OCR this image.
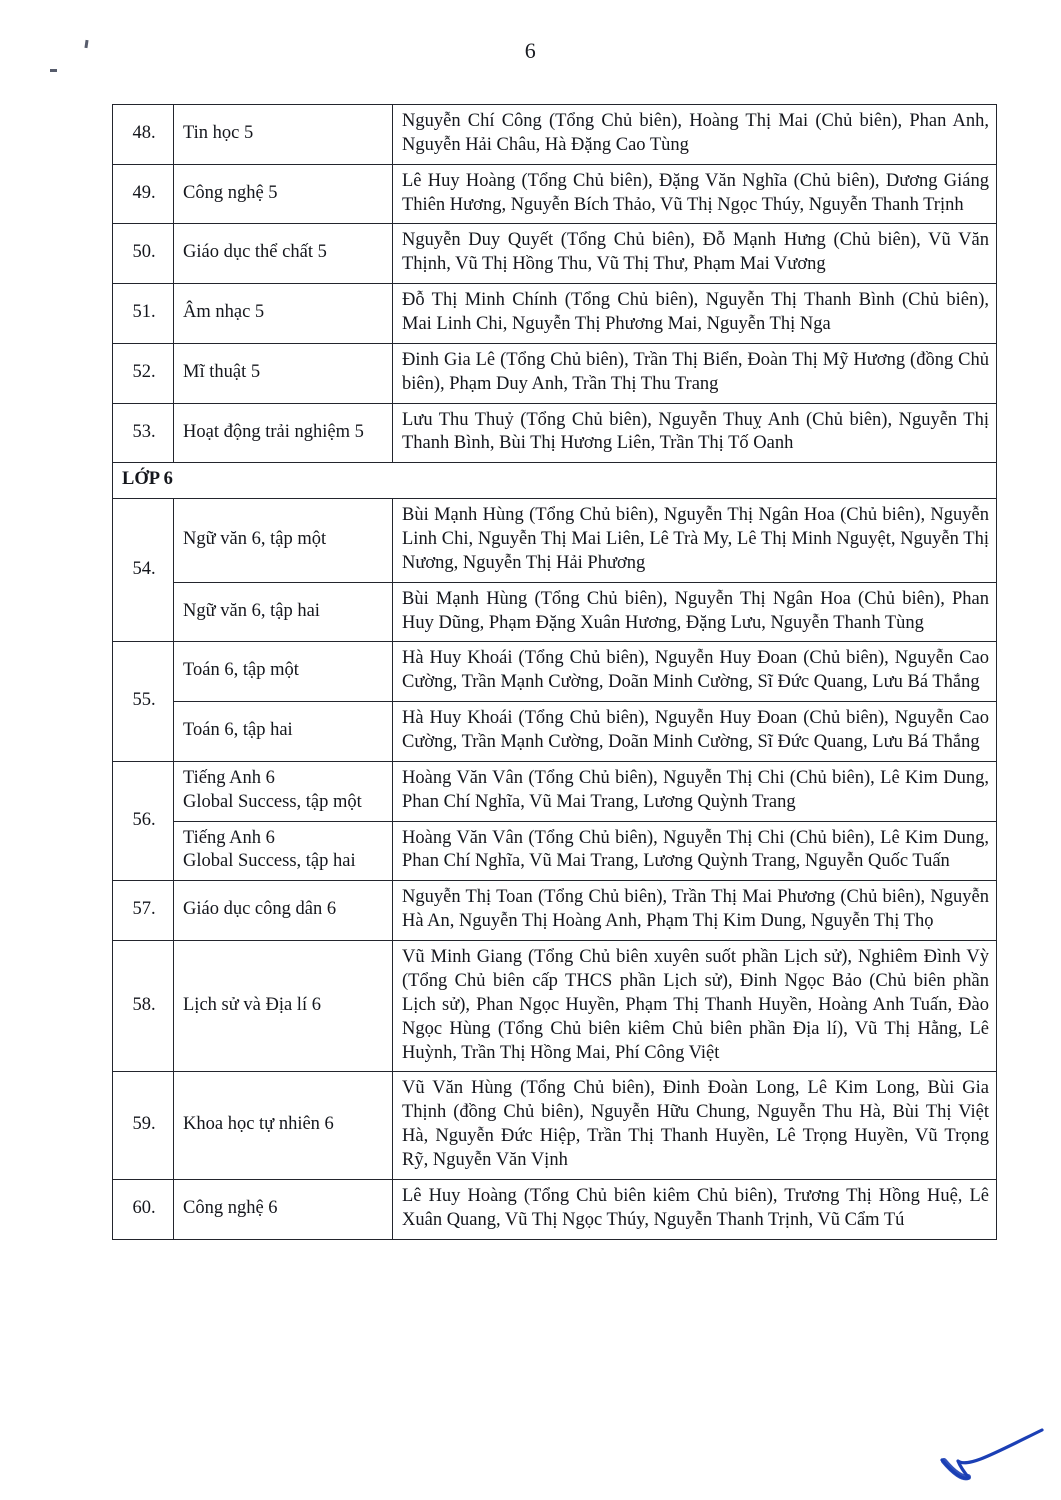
6
48.	Tin học 5	Nguyễn Chí Công (Tổng Chủ biên), Hoàng Thị Mai (Chủ biên), Phan Anh, Nguyễn Hải Châu, Hà Đặng Cao Tùng
49.	Công nghệ 5	Lê Huy Hoàng (Tổng Chủ biên), Đặng Văn Nghĩa (Chủ biên), Dương Giáng Thiên Hương, Nguyễn Bích Thảo, Vũ Thị Ngọc Thúy, Nguyễn Thanh Trịnh
50.	Giáo dục thể chất 5	Nguyễn Duy Quyết (Tổng Chủ biên), Đỗ Mạnh Hưng (Chủ biên), Vũ Văn Thịnh, Vũ Thị Hồng Thu, Vũ Thị Thư, Phạm Mai Vương
51.	Âm nhạc 5	Đỗ Thị Minh Chính (Tổng Chủ biên), Nguyễn Thị Thanh Bình (Chủ biên), Mai Linh Chi, Nguyễn Thị Phương Mai, Nguyễn Thị Nga
52.	Mĩ thuật 5	Đinh Gia Lê (Tổng Chủ biên), Trần Thị Biển, Đoàn Thị Mỹ Hương (đồng Chủ biên), Phạm Duy Anh, Trần Thị Thu Trang
53.	Hoạt động trải nghiệm 5	Lưu Thu Thuỷ (Tổng Chủ biên), Nguyễn Thuỵ Anh (Chủ biên), Nguyễn Thị Thanh Bình, Bùi Thị Hương Liên, Trần Thị Tố Oanh
LỚP 6		
54.	Ngữ văn 6, tập một	Bùi Mạnh Hùng (Tổng Chủ biên), Nguyễn Thị Ngân Hoa (Chủ biên), Nguyễn Linh Chi, Nguyễn Thị Mai Liên, Lê Trà My, Lê Thị Minh Nguyệt, Nguyễn Thị Nương, Nguyễn Thị Hải Phương

	Ngữ văn 6, tập hai	Bùi Mạnh Hùng (Tổng Chủ biên), Nguyễn Thị Ngân Hoa (Chủ biên), Phan Huy Dũng, Phạm Đặng Xuân Hương, Đặng Lưu, Nguyễn Thanh Tùng
55.	Toán 6, tập một	Hà Huy Khoái (Tổng Chủ biên), Nguyễn Huy Đoan (Chủ biên), Nguyễn Cao Cường, Trần Mạnh Cường, Doãn Minh Cường, Sĩ Đức Quang, Lưu Bá Thắng

	Toán 6, tập hai	Hà Huy Khoái (Tổng Chủ biên), Nguyễn Huy Đoan (Chủ biên), Nguyễn Cao Cường, Trần Mạnh Cường, Doãn Minh Cường, Sĩ Đức Quang, Lưu Bá Thắng
56.	Tiếng Anh 6
Global Success, tập một	Hoàng Văn Vân (Tổng Chủ biên), Nguyễn Thị Chi (Chủ biên), Lê Kim Dung, Phan Chí Nghĩa, Vũ Mai Trang, Lương Quỳnh Trang

	Tiếng Anh 6
Global Success, tập hai	Hoàng Văn Vân (Tổng Chủ biên), Nguyễn Thị Chi (Chủ biên), Lê Kim Dung, Phan Chí Nghĩa, Vũ Mai Trang, Lương Quỳnh Trang, Nguyễn Quốc Tuấn
57.	Giáo dục công dân 6	Nguyễn Thị Toan (Tổng Chủ biên), Trần Thị Mai Phương (Chủ biên), Nguyễn Hà An, Nguyễn Thị Hoàng Anh, Phạm Thị Kim Dung, Nguyễn Thị Thọ
58.	Lịch sử và Địa lí 6	Vũ Minh Giang (Tổng Chủ biên xuyên suốt phần Lịch sử), Nghiêm Đình Vỳ (Tổng Chủ biên cấp THCS phần Lịch sử), Đinh Ngọc Bảo (Chủ biên phần Lịch sử), Phan Ngọc Huyền, Phạm Thị Thanh Huyền, Hoàng Anh Tuấn, Đào Ngọc Hùng (Tổng Chủ biên kiêm Chủ biên phần Địa lí), Vũ Thị Hằng, Lê Huỳnh, Trần Thị Hồng Mai, Phí Công Việt
59.	Khoa học tự nhiên 6	Vũ Văn Hùng (Tổng Chủ biên), Đinh Đoàn Long, Lê Kim Long, Bùi Gia Thịnh (đồng Chủ biên), Nguyễn Hữu Chung, Nguyễn Thu Hà, Bùi Thị Việt Hà, Nguyễn Đức Hiệp, Trần Thị Thanh Huyền, Lê Trọng Huyền, Vũ Trọng Rỹ, Nguyễn Văn Vịnh
60.	Công nghệ 6	Lê Huy Hoàng (Tổng Chủ biên kiêm Chủ biên), Trương Thị Hồng Huệ, Lê Xuân Quang, Vũ Thị Ngọc Thúy, Nguyễn Thanh Trịnh, Vũ Cẩm Tú
